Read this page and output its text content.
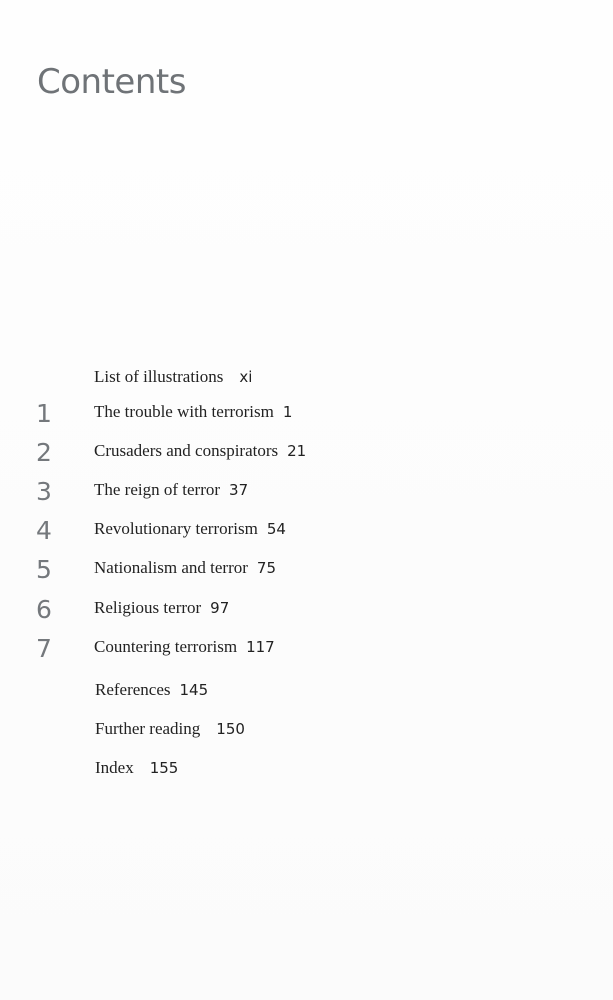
Contents
List of illustrations xi
1 The trouble with terrorism 1
2 Crusaders and conspirators 21
3 The reign of terror 37
4 Revolutionary terrorism 54
5 Nationalism and terror 75
6 Religious terror 97
7 Countering terrorism 117
References 145
Further reading 150
Index 155
